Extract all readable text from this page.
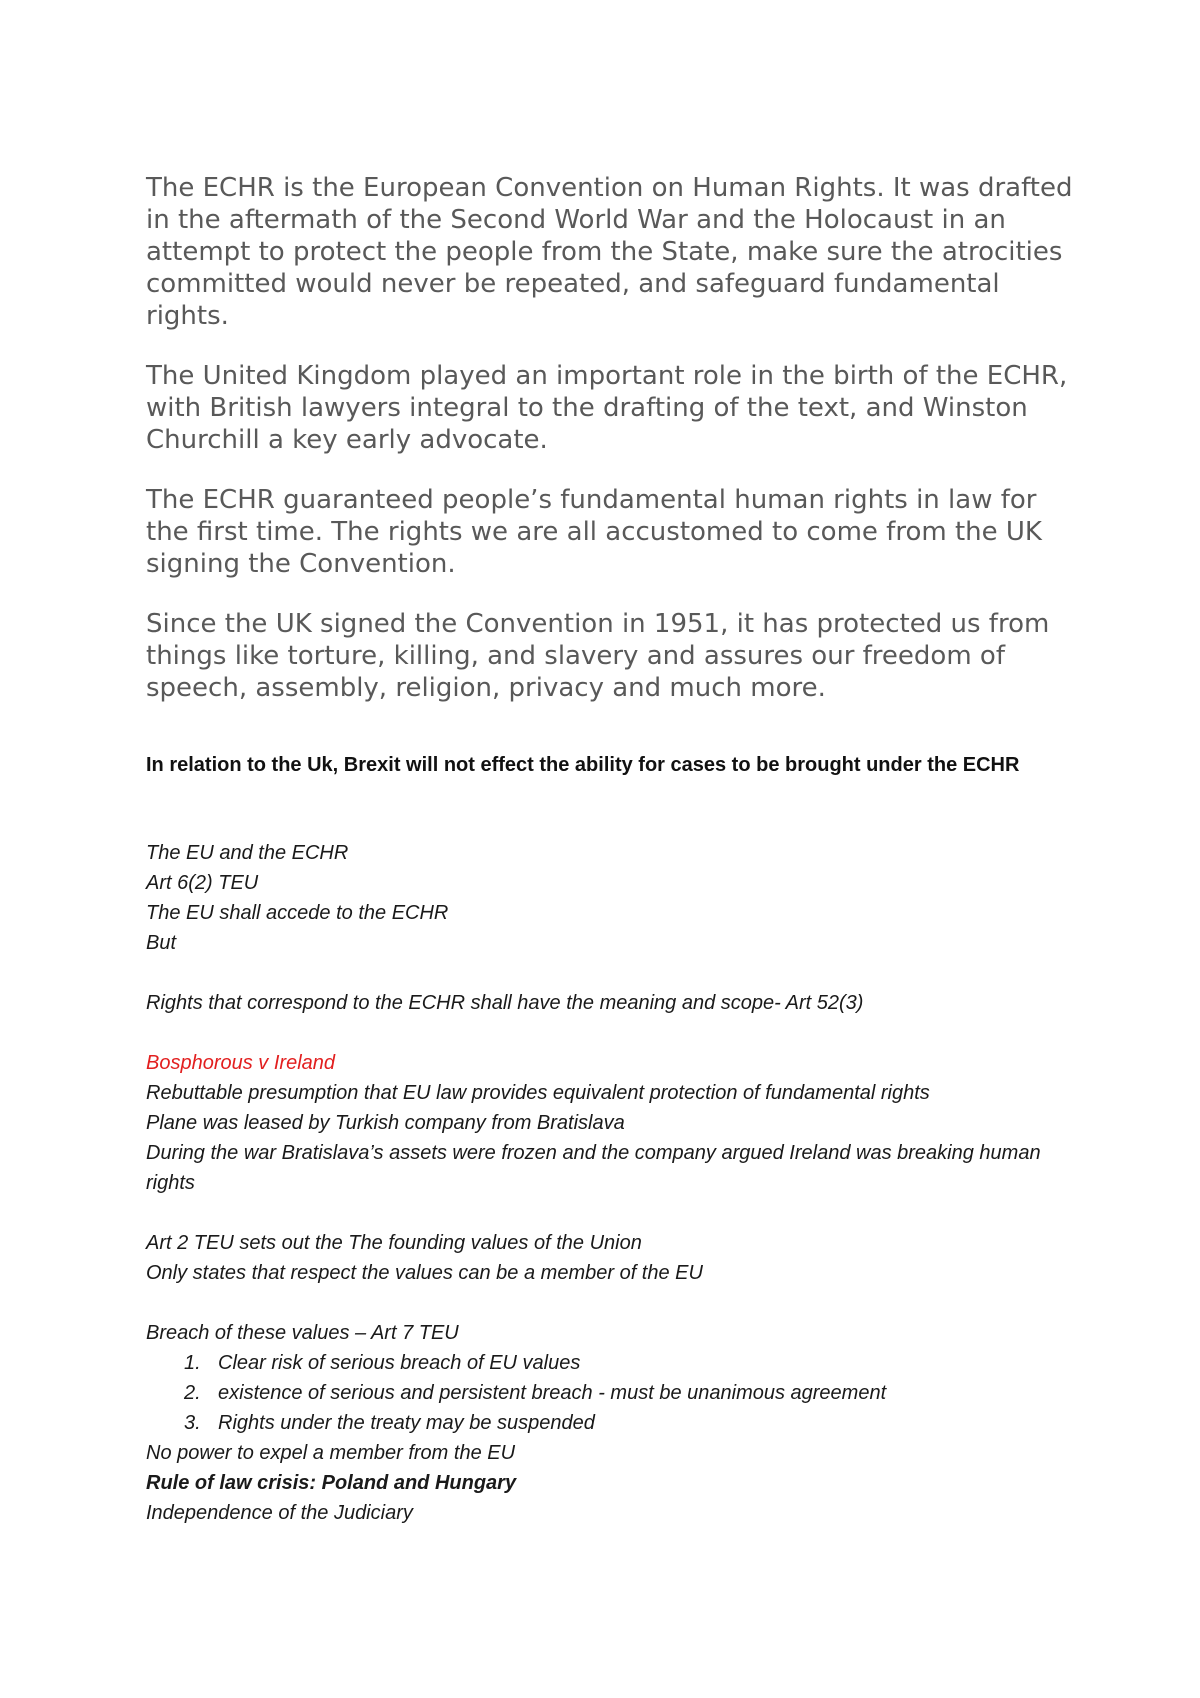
The ECHR is the European Convention on Human Rights. It was drafted in the aftermath of the Second World War and the Holocaust in an attempt to protect the people from the State, make sure the atrocities committed would never be repeated, and safeguard fundamental rights.

The United Kingdom played an important role in the birth of the ECHR, with British lawyers integral to the drafting of the text, and Winston Churchill a key early advocate.

The ECHR guaranteed people’s fundamental human rights in law for the first time. The rights we are all accustomed to come from the UK signing the Convention.

Since the UK signed the Convention in 1951, it has protected us from things like torture, killing, and slavery and assures our freedom of speech, assembly, religion, privacy and much more.

In relation to the Uk, Brexit will not effect the ability for cases to be brought under the ECHR

The EU and the ECHR
Art 6(2) TEU
The EU shall accede to the ECHR
But
Rights that correspond to the ECHR shall have the meaning and scope- Art 52(3)
Bosphorous v Ireland
Rebuttable presumption that EU law provides equivalent protection of fundamental rights
Plane was leased by Turkish company from Bratislava
During the war Bratislava’s assets were frozen and the company argued Ireland was breaking human rights
Art 2 TEU sets out the The founding values of the Union
Only states that respect the values can be a member of the EU
Breach of these values – Art 7 TEU
1. Clear risk of serious breach of EU values
2. existence of serious and persistent breach - must be unanimous agreement
3. Rights under the treaty may be suspended
No power to expel a member from the EU
Rule of law crisis: Poland and Hungary
Independence of the Judiciary
